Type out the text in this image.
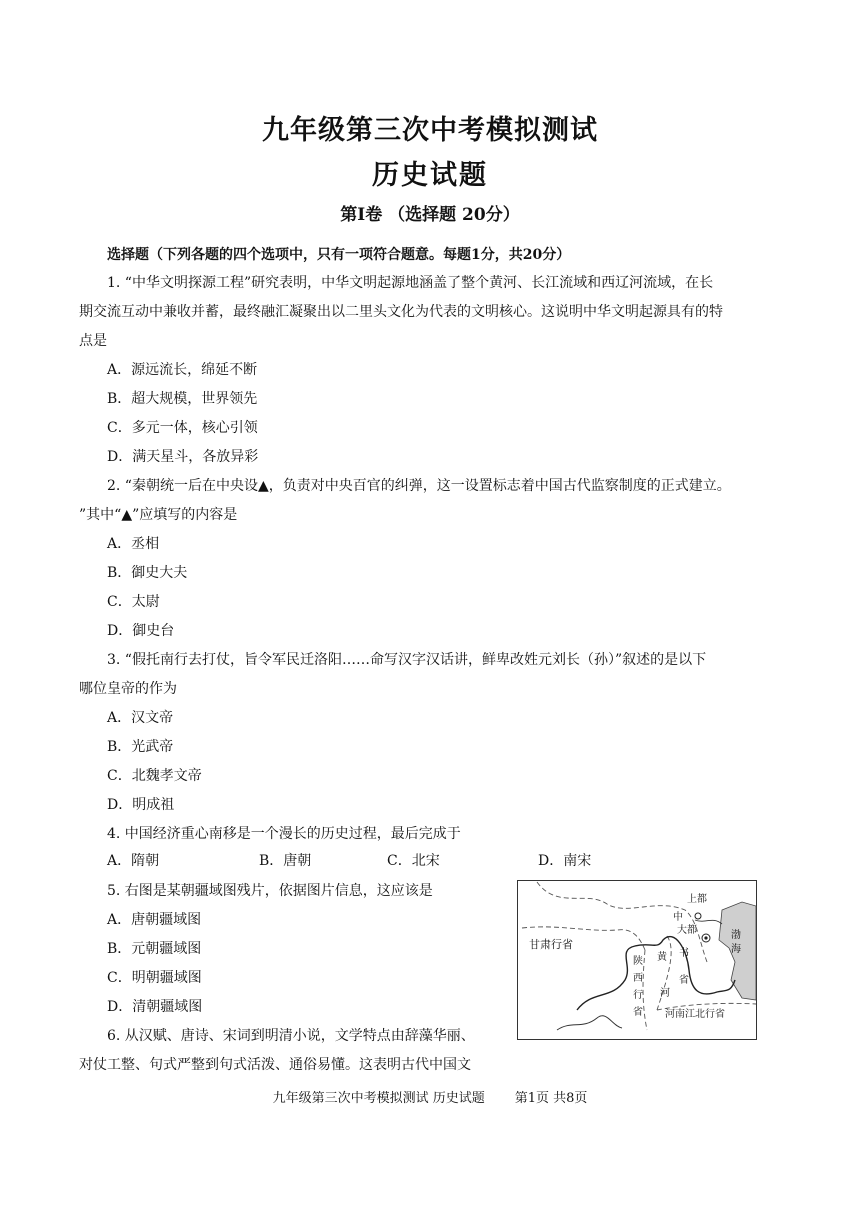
九年级第三次中考模拟测试
历史试题
第Ⅰ卷 （选择题 20分）
选择题（下列各题的四个选项中，只有一项符合题意。每题1分，共20分）
1. “中华文明探源工程”研究表明，中华文明起源地涵盖了整个黄河、长江流域和西辽河流域，在长
期交流互动中兼收并蓄，最终融汇凝聚出以二里头文化为代表的文明核心。这说明中华文明起源具有的特
点是
A．源远流长，绵延不断
B．超大规模，世界领先
C．多元一体，核心引领
D．满天星斗，各放异彩
2. “秦朝统一后在中央设▲，负责对中央百官的纠弹，这一设置标志着中国古代监察制度的正式建立。
”其中“▲”应填写的内容是
A．丞相
B．御史大夫
C．太尉
D．御史台
3. “假托南行去打仗，旨令军民迁洛阳……命写汉字汉话讲，鲜卑改姓元刘长（孙）”叙述的是以下
哪位皇帝的作为
A．汉文帝
B．光武帝
C．北魏孝文帝
D．明成祖
4. 中国经济重心南移是一个漫长的历史过程，最后完成于
A．隋朝	B．唐朝	C．北宋	D．南宋
5. 右图是某朝疆域图残片，依据图片信息，这应该是
A．唐朝疆域图
B．元朝疆域图
C．明朝疆域图
D．清朝疆域图
6. 从汉赋、唐诗、宋词到明清小说，文学特点由辞藻华丽、
对仗工整、句式严整到句式活泼、通俗易懂。这表明古代中国文
甘肃行省
上都
中
大都
书
省
渤
海
陕
西
行
省
黄
河
河南江北行省
九年级第三次中考模拟测试 历史试题 第1页 共8页
